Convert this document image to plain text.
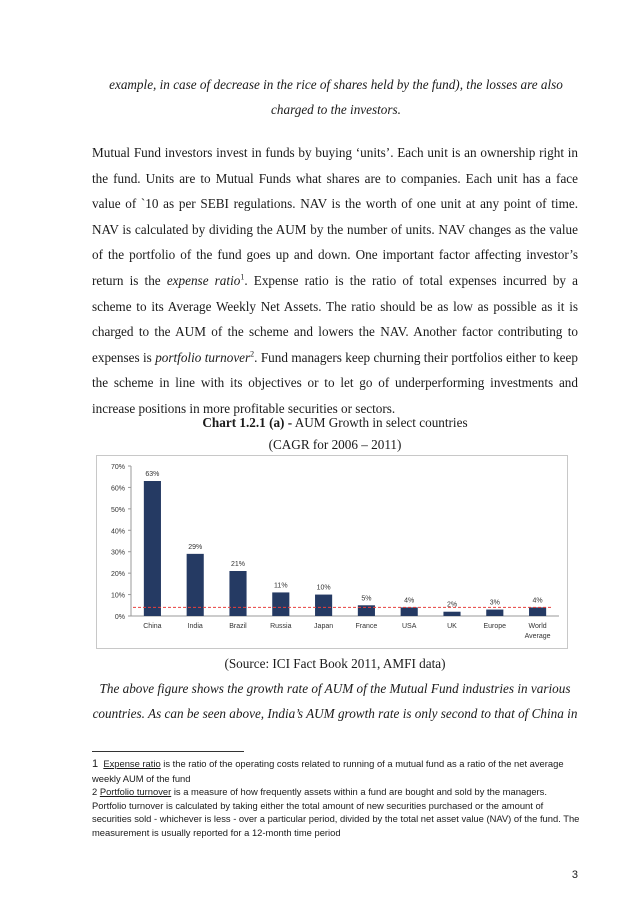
example, in case of decrease in the rice of shares held by the fund), the losses are also
charged to the investors.

Mutual Fund investors invest in funds by buying ‘units’. Each unit is an ownership right in the fund. Units are to Mutual Funds what shares are to companies. Each unit has a face value of `10 as per SEBI regulations. NAV is the worth of one unit at any point of time. NAV is calculated by dividing the AUM by the number of units. NAV changes as the value of the portfolio of the fund goes up and down. One important factor affecting investor’s return is the expense ratio$^1$. Expense ratio is the ratio of total expenses incurred by a scheme to its Average Weekly Net Assets. The ratio should be as low as possible as it is charged to the AUM of the scheme and lowers the NAV. Another factor contributing to expenses is portfolio turnover$^2$. Fund managers keep churning their portfolios either to keep the scheme in line with its objectives or to let go of underperforming investments and increase positions in more profitable securities or sectors.

Chart 1.2.1 (a) - AUM Growth in select countries
(CAGR for 2006 – 2011)
0%
10%
20%
30%
40%
50%
60%
70%
63%
China
29%
India
21%
Brazil
11%
Russia
10%
Japan
5%
France
4%
USA
2%
UK
3%
Europe
4%
World
Average
(Source: ICI Fact Book 2011, AMFI data)

The above figure shows the growth rate of AUM of the Mutual Fund industries in various countries. As can be seen above, India’s AUM growth rate is only second to that of China in

1 Expense ratio is the ratio of the operating costs related to running of a mutual fund as a ratio of the net average weekly AUM of the fund

2 Portfolio turnover is a measure of how frequently assets within a fund are bought and sold by the managers. Portfolio turnover is calculated by taking either the total amount of new securities purchased or the amount of securities sold - whichever is less - over a particular period, divided by the total net asset value (NAV) of the fund. The measurement is usually reported for a 12-month time period

3
